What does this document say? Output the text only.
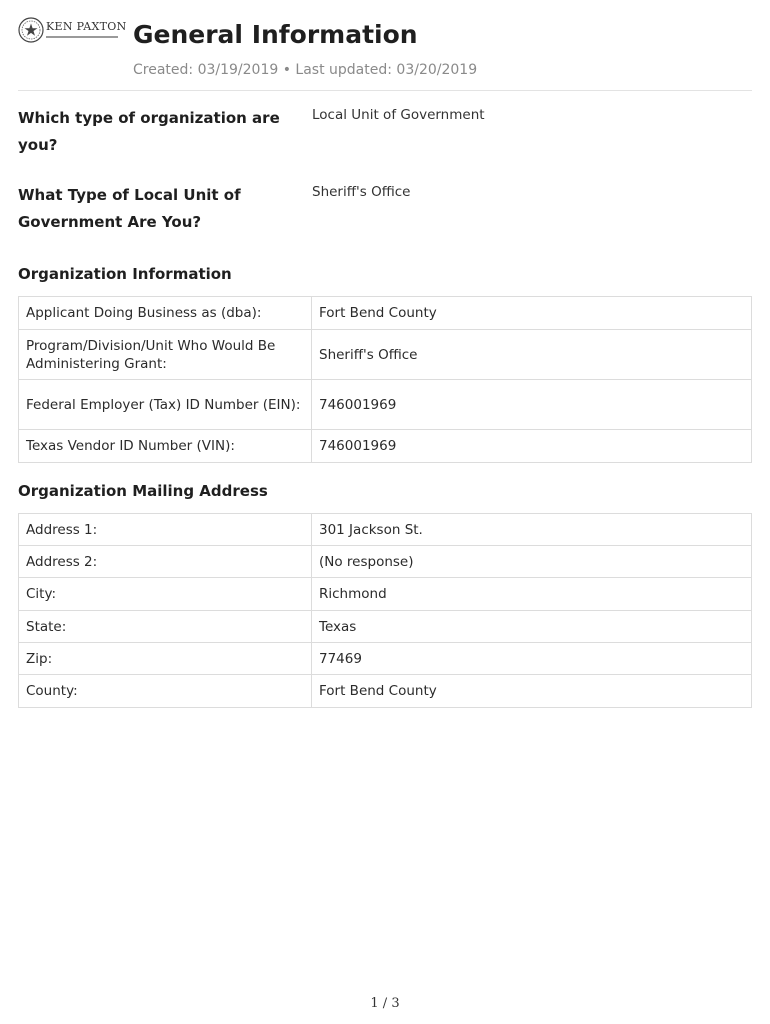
KEN PAXTON General Information
Created: 03/19/2019 • Last updated: 03/20/2019
Which type of organization are you?
Local Unit of Government
What Type of Local Unit of Government Are You?
Sheriff's Office
Organization Information
Applicant Doing Business as (dba):	Fort Bend County
Program/Division/Unit Who Would Be Administering Grant:	Sheriff's Office
Federal Employer (Tax) ID Number (EIN):	746001969
Texas Vendor ID Number (VIN):	746001969
Organization Mailing Address
Address 1:	301 Jackson St.
Address 2:	(No response)
City:	Richmond
State:	Texas
Zip:	77469
County:	Fort Bend County
1 / 3
